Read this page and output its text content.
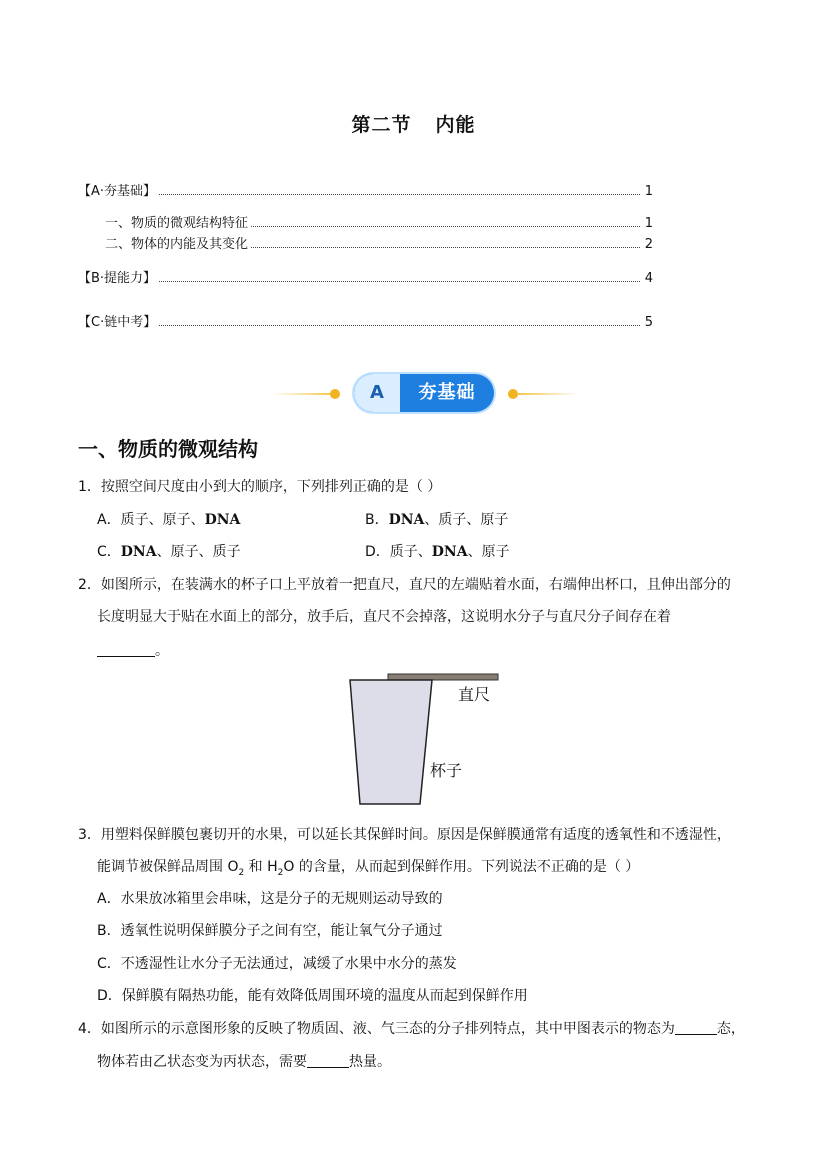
第二节 内能
【A·夯基础】	1
一、物质的微观结构特征	1
二、物体的内能及其变化	2
【B·提能力】	4
【C·链中考】	5
A	夯基础
一、物质的微观结构
1．按照空间尺度由小到大的顺序，下列排列正确的是（ ）
A．质子、原子、DNA	B．DNA、质子、原子
C．DNA、原子、质子	D．质子、DNA、原子
2．如图所示，在装满水的杯子口上平放着一把直尺，直尺的左端贴着水面，右端伸出杯口，且伸出部分的
长度明显大于贴在水面上的部分，放手后，直尺不会掉落，这说明水分子与直尺分子间存在着
。
直尺
杯子
3．用塑料保鲜膜包裹切开的水果，可以延长其保鲜时间。原因是保鲜膜通常有适度的透氧性和不透湿性，
能调节被保鲜品周围 $O_2$ 和 $H_2O$ 的含量，从而起到保鲜作用。下列说法不正确的是（ ）
A．水果放冰箱里会串味，这是分子的无规则运动导致的
B．透氧性说明保鲜膜分子之间有空，能让氧气分子通过
C．不透湿性让水分子无法通过，减缓了水果中水分的蒸发
D．保鲜膜有隔热功能，能有效降低周围环境的温度从而起到保鲜作用
4．如图所示的示意图形象的反映了物质固、液、气三态的分子排列特点，其中甲图表示的物态为	态，
物体若由乙状态变为丙状态，需要	热量。
